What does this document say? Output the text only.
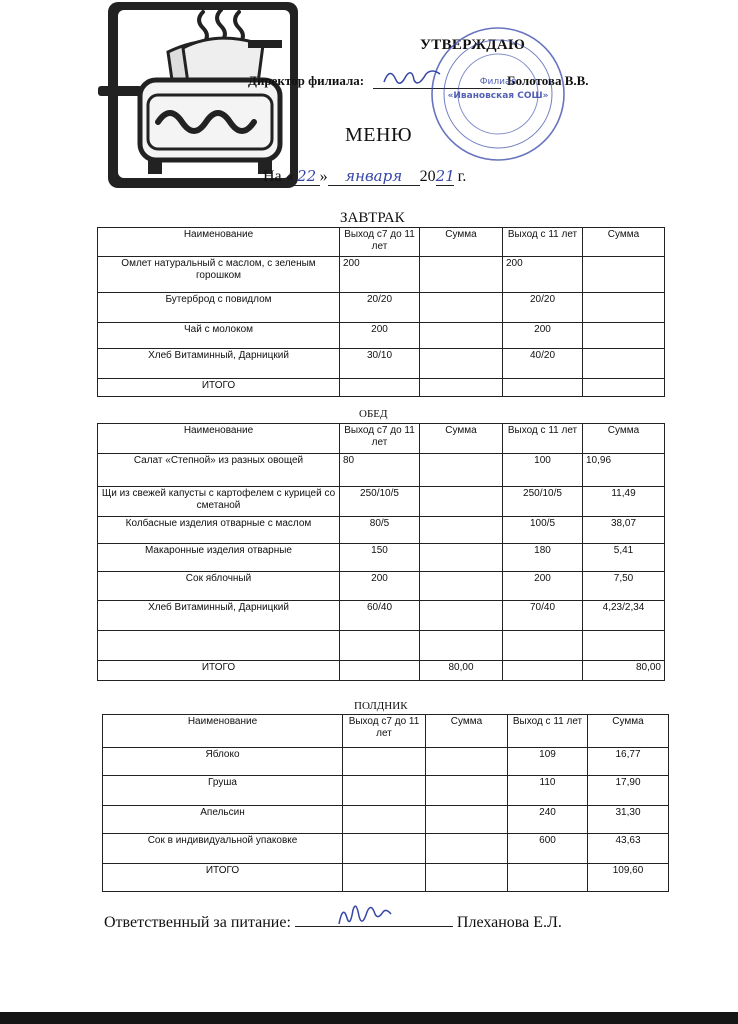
УТВЕРЖДАЮ
Директор филиала:	Болотова В.В.
Филиал
«Ивановская СОШ»
МЕНЮ
На « 22 » января 2021 г.
ЗАВТРАК
Наименование	Выход с7 до 11 лет	Сумма	Выход с 11 лет	Сумма
Омлет натуральный с маслом, с зеленым горошком	200		200	
Бутерброд с повидлом	20/20		20/20	
Чай с молоком	200		200	
Хлеб Витаминный, Дарницкий	30/10		40/20	
ИТОГО				
ОБЕД
Наименование	Выход с7 до 11 лет	Сумма	Выход с 11 лет	Сумма
Салат «Степной» из разных овощей	80		100	10,96
Щи из свежей капусты с картофелем с курицей со сметаной	250/10/5		250/10/5	11,49
Колбасные изделия отварные с маслом	80/5		100/5	38,07
Макаронные изделия отварные	150		180	5,41
Сок яблочный	200		200	7,50
Хлеб Витаминный, Дарницкий	60/40		70/40	4,23/2,34

ИТОГО		80,00		80,00
ПОЛДНИК
Наименование	Выход с7 до 11 лет	Сумма	Выход с 11 лет	Сумма
Яблоко			109	16,77
Груша			110	17,90
Апельсин			240	31,30
Сок в индивидуальной упаковке			600	43,63
ИТОГО				109,60
Ответственный за питание:	Плеханова Е.Л.
